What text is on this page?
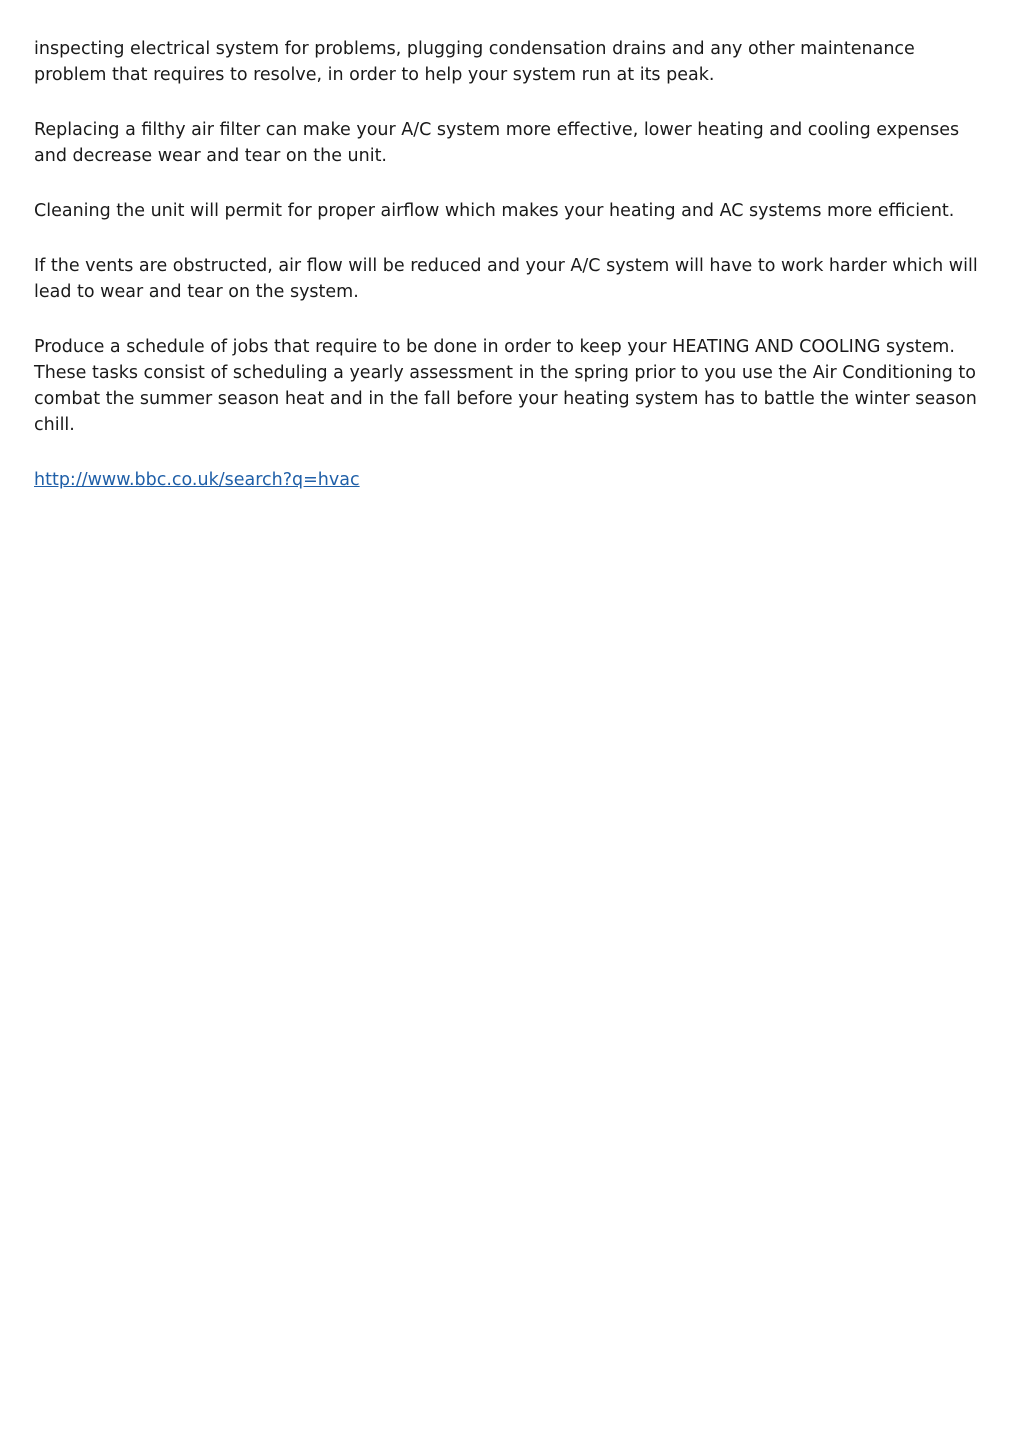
inspecting electrical system for problems, plugging condensation drains and any other maintenance problem that requires to resolve, in order to help your system run at its peak.

Replacing a filthy air filter can make your A/C system more effective, lower heating and cooling expenses and decrease wear and tear on the unit.

Cleaning the unit will permit for proper airflow which makes your heating and AC systems more efficient.

If the vents are obstructed, air flow will be reduced and your A/C system will have to work harder which will lead to wear and tear on the system.

Produce a schedule of jobs that require to be done in order to keep your HEATING AND COOLING system. These tasks consist of scheduling a yearly assessment in the spring prior to you use the Air Conditioning to combat the summer season heat and in the fall before your heating system has to battle the winter season chill.

http://www.bbc.co.uk/search?q=hvac
